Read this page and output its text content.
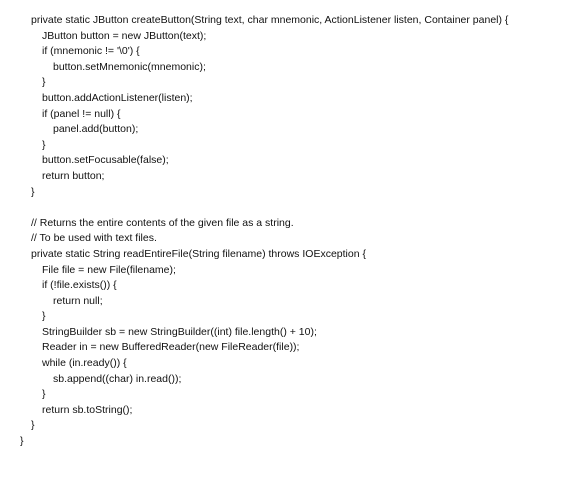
private static JButton createButton(String text, char mnemonic, ActionListener listen, Container panel) {
JButton button = new JButton(text);
if (mnemonic != '\0') {
button.setMnemonic(mnemonic);
}
button.addActionListener(listen);
if (panel != null) {
panel.add(button);
}
button.setFocusable(false);
return button;
}
// Returns the entire contents of the given file as a string.
// To be used with text files.
private static String readEntireFile(String filename) throws IOException {
File file = new File(filename);
if (!file.exists()) {
return null;
}
StringBuilder sb = new StringBuilder((int) file.length() + 10);
Reader in = new BufferedReader(new FileReader(file));
while (in.ready()) {
sb.append((char) in.read());
}
return sb.toString();
}
}
